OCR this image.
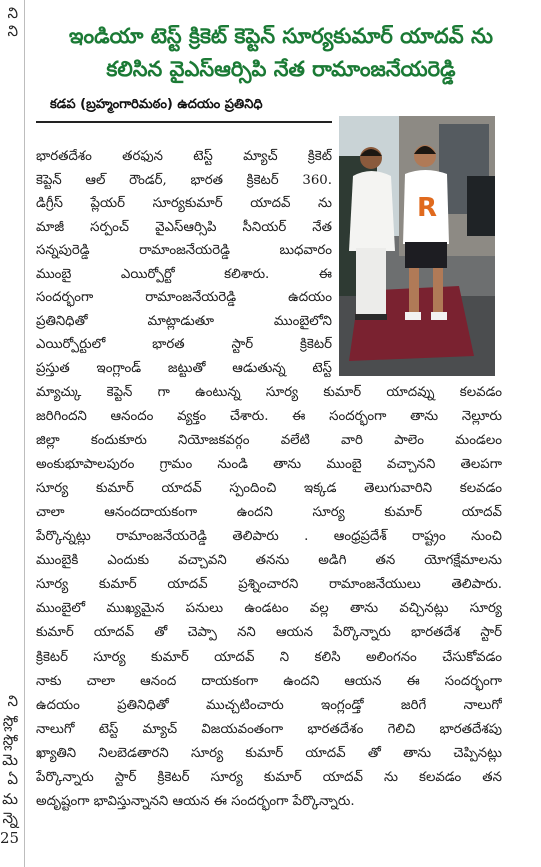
ని
ని
ని
స్లో
స్లో
మె
ఏ
మ
న్నె
25
ఇండియా టెస్ట్ క్రికెట్ కెప్టెన్ సూర్యకుమార్ యాదవ్ ను
కలిసిన వైఎస్ఆర్సిపి నేత రామాంజనేయరెడ్డి
కడప (బ్రహ్మంగారిమఠం) ఉదయం ప్రతినిధి
R
భారతదేశం తరఫున టెస్ట్ మ్యాచ్ క్రికెట్
కెప్టెన్ ఆల్ రౌండర్, భారత క్రికెటర్ 360.
డిగ్రీస్ ప్లేయర్ సూర్యకుమార్ యాదవ్ ను
మాజీ సర్పంచ్ వైఎస్ఆర్సిపి సీనియర్ నేత
సన్నపురెడ్డి రామాంజనేయరెడ్డి బుధవారం
ముంబై ఎయిర్పోర్టో కలిశారు. ఈ
సందర్భంగా రామాంజనేయరెడ్డి ఉదయం
ప్రతినిధితో మాట్లాడుతూ ముంబైలోని
ఎయిర్పోర్టులో భారత స్టార్ క్రికెటర్
ప్రస్తుత ఇంగ్లాండ్ జట్టుతో ఆడుతున్న టెస్ట్
మ్యాచ్కు కెప్టెన్ గా ఉంటున్న సూర్య కుమార్ యాదవ్ను కలవడం
జరిగిందని ఆనందం వ్యక్తం చేశారు. ఈ సందర్భంగా తాను నెల్లూరు
జిల్లా కందుకూరు నియోజకవర్గం వలేటి వారి పాలెం మండలం
అంకుభూపాలపురం గ్రామం నుండి తాను ముంబై వచ్చానని తెలపగా
సూర్య కుమార్ యాదవ్ స్పందించి ఇక్కడ తెలుగువారిని కలవడం
చాలా ఆనందదాయకంగా ఉందని సూర్య కుమార్ యాదవ్
పేర్కొన్నట్లు రామాంజనేయరెడ్డి తెలిపారు . ఆంధ్రప్రదేశ్ రాష్ట్రం నుంచి
ముంబైకి ఎందుకు వచ్చావని తనను అడిగి తన యోగక్షేమాలను
సూర్య కుమార్ యాదవ్ ప్రశ్నించారని రామాంజనేయులు తెలిపారు.
ముంబైలో ముఖ్యమైన పనులు ఉండటం వల్ల తాను వచ్చినట్లు సూర్య
కుమార్ యాదవ్ తో చెప్పా నని ఆయన పేర్కొన్నారు భారతదేశ స్టార్
క్రికెటర్ సూర్య కుమార్ యాదవ్ ని కలిసి అలింగనం చేసుకోవడం
నాకు చాలా ఆనంద దాయకంగా ఉందని ఆయన ఈ సందర్భంగా
ఉదయం ప్రతినిధితో ముచ్చటించారు ఇంగ్లండ్తో జరిగే నాలుగో
నాలుగో టెస్ట్ మ్యాచ్ విజయవంతంగా భారతదేశం గెలిచి భారతదేశపు
ఖ్యాతిని నిలబెడతారని సూర్య కుమార్ యాదవ్ తో తాను చెప్పినట్లు
పేర్కొన్నారు స్టార్ క్రికెటర్ సూర్య కుమార్ యాదవ్ ను కలవడం తన
అదృష్టంగా భావిస్తున్నానని ఆయన ఈ సందర్భంగా పేర్కొన్నారు.
